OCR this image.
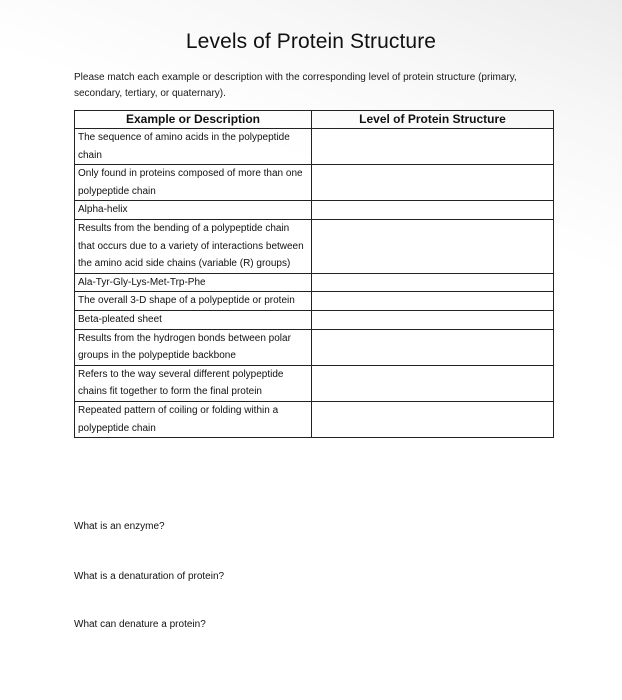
Levels of Protein Structure
Please match each example or description with the corresponding level of protein structure (primary, secondary, tertiary, or quaternary).
Example or Description	Level of Protein Structure
The sequence of amino acids in the polypeptide chain	
Only found in proteins composed of more than one polypeptide chain	
Alpha-helix	
Results from the bending of a polypeptide chain that occurs due to a variety of interactions between the amino acid side chains (variable (R) groups)	
Ala-Tyr-Gly-Lys-Met-Trp-Phe	
The overall 3-D shape of a polypeptide or protein	
Beta-pleated sheet	
Results from the hydrogen bonds between polar groups in the polypeptide backbone	
Refers to the way several different polypeptide chains fit together to form the final protein	
Repeated pattern of coiling or folding within a polypeptide chain	
What is an enzyme?
What is a denaturation of protein?
What can denature a protein?
